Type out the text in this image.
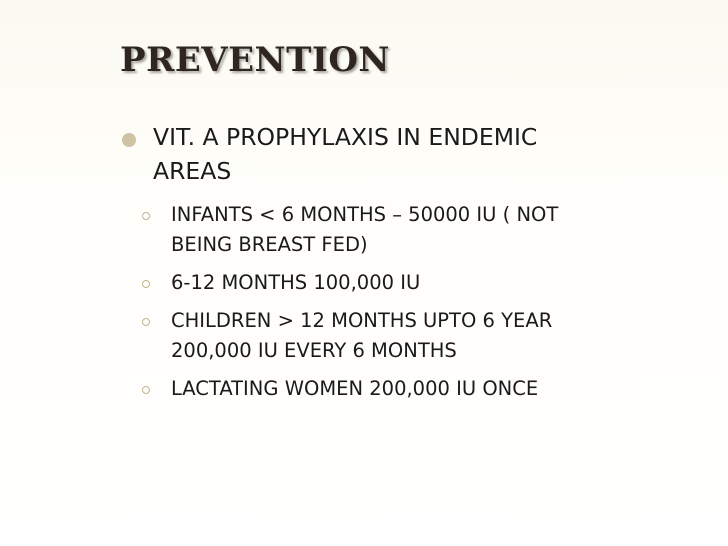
PREVENTION
VIT. A PROPHYLAXIS IN ENDEMIC
AREAS
INFANTS < 6 MONTHS – 50000 IU ( NOT
BEING BREAST FED)
6-12 MONTHS 100,000 IU
CHILDREN > 12 MONTHS UPTO 6 YEAR
200,000 IU EVERY 6 MONTHS
LACTATING WOMEN 200,000 IU ONCE
